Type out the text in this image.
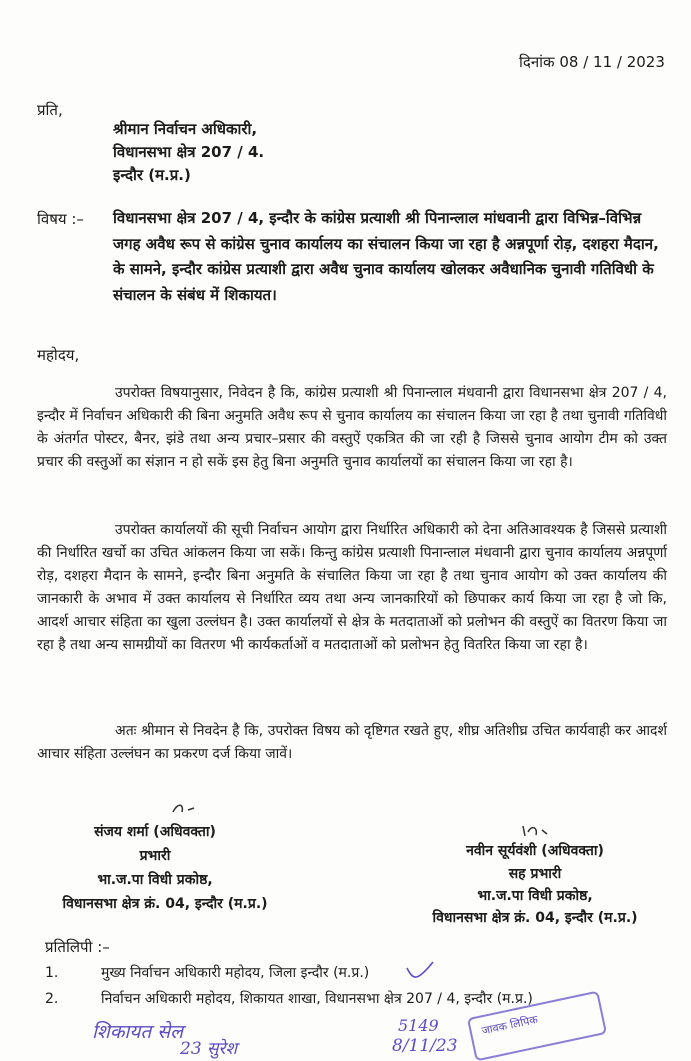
दिनांक 08 / 11 / 2023
प्रति,
श्रीमान निर्वाचन अधिकारी,
विधानसभा क्षेत्र 207 / 4.
इन्दौर (म.प्र.)
विषय :– विधानसभा क्षेत्र 207 / 4, इन्दौर के कांग्रेस प्रत्याशी श्री पिनान्लाल मांधवानी द्वारा विभिन्न–विभिन्न जगह अवैध रूप से कांग्रेस चुनाव कार्यालय का संचालन किया जा रहा है अन्नपूर्णा रोड़, दशहरा मैदान, के सामने, इन्दौर कांग्रेस प्रत्याशी द्वारा अवैध चुनाव कार्यालय खोलकर अवैधानिक चुनावी गतिविधी के संचालन के संबंध में शिकायत।
महोदय,
उपरोक्त विषयानुसार, निवेदन है कि, कांग्रेस प्रत्याशी श्री पिनान्लाल मंधवानी द्वारा विधानसभा क्षेत्र 207 / 4, इन्दौर में निर्वाचन अधिकारी की बिना अनुमति अवैध रूप से चुनाव कार्यालय का संचालन किया जा रहा है तथा चुनावी गतिविधी के अंतर्गत पोस्टर, बैनर, झंडे तथा अन्य प्रचार–प्रसार की वस्तुऐं एकत्रित की जा रही है जिससे चुनाव आयोग टीम को उक्त प्रचार की वस्तुओं का संज्ञान न हो सकें इस हेतु बिना अनुमति चुनाव कार्यालयों का संचालन किया जा रहा है।
उपरोक्त कार्यालयों की सूची निर्वाचन आयोग द्वारा निर्धारित अधिकारी को देना अतिआवश्यक है जिससे प्रत्याशी की निर्धारित खर्चो का उचित आंकलन किया जा सकें। किन्तु कांग्रेस प्रत्याशी पिनान्लाल मंधवानी द्वारा चुनाव कार्यालय अन्नपूर्णा रोड़, दशहरा मैदान के सामने, इन्दौर बिना अनुमति के संचालित किया जा रहा है तथा चुनाव आयोग को उक्त कार्यालय की जानकारी के अभाव में उक्त कार्यालय से निर्धारित व्यय तथा अन्य जानकारियों को छिपाकर कार्य किया जा रहा है जो कि, आदर्श आचार संहिता का खुला उल्लंघन है। उक्त कार्यालयों से क्षेत्र के मतदाताओं को प्रलोभन की वस्तुऐं का वितरण किया जा रहा है तथा अन्य सामग्रीयों का वितरण भी कार्यकर्ताओं व मतदाताओं को प्रलोभन हेतु वितरित किया जा रहा है।
अतः श्रीमान से निवदेन है कि, उपरोक्त विषय को दृष्टिगत रखते हुए, शीघ्र अतिशीघ्र उचित कार्यवाही कर आदर्श आचार संहिता उल्लंघन का प्रकरण दर्ज किया जावें।
संजय शर्मा (अधिवक्ता)
प्रभारी
भा.ज.पा विधी प्रकोष्ठ,
विधानसभा क्षेत्र क्रं. 04, इन्दौर (म.प्र.)
नवीन सूर्यवंशी (अधिवक्ता)
सह प्रभारी
भा.ज.पा विधी प्रकोष्ठ,
विधानसभा क्षेत्र क्रं. 04, इन्दौर (म.प्र.)
प्रतिलिपी :–
1.	मुख्य निर्वाचन अधिकारी महोदय, जिला इन्दौर (म.प्र.)
2.	निर्वाचन अधिकारी महोदय, शिकायत शाखा, विधानसभा क्षेत्र 207 / 4, इन्दौर (म.प्र.)
शिकायत सेल
23 सुरेश
5149
8/11/23
जावक लिपिक
